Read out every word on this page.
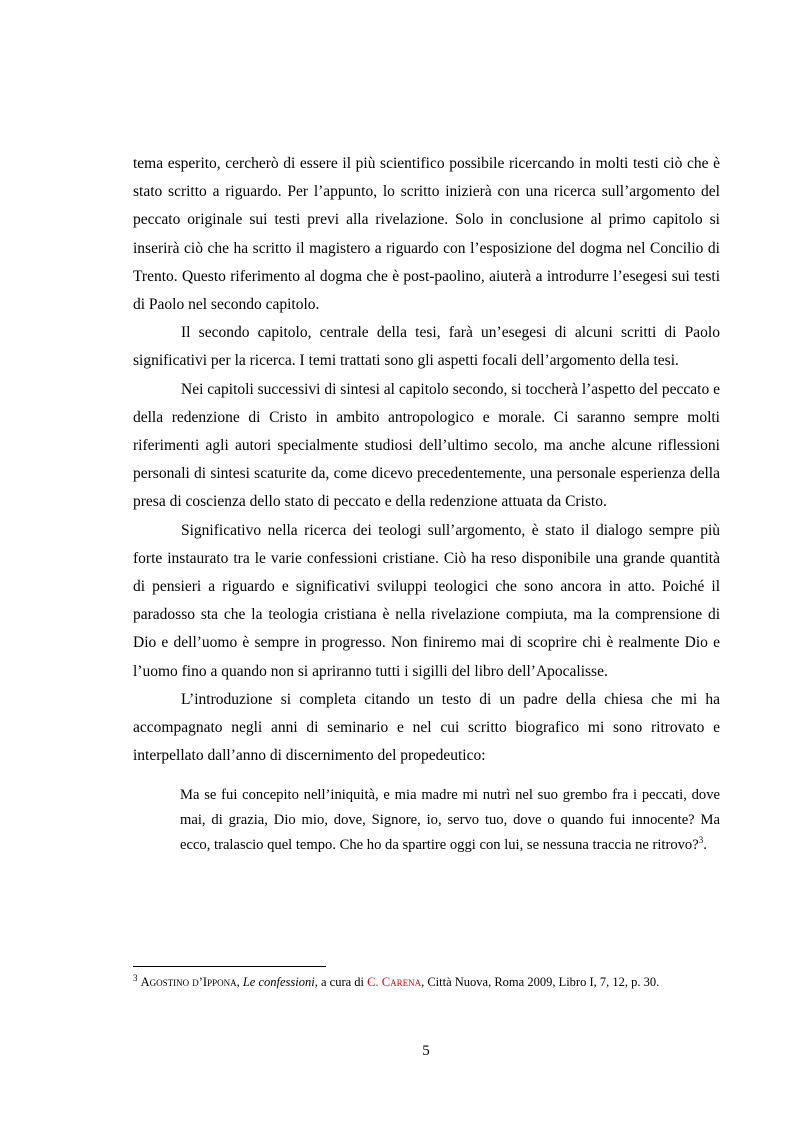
tema esperito, cercherò di essere il più scientifico possibile ricercando in molti testi ciò che è stato scritto a riguardo. Per l’appunto, lo scritto inizierà con una ricerca sull’argomento del peccato originale sui testi previ alla rivelazione. Solo in conclusione al primo capitolo si inserirà ciò che ha scritto il magistero a riguardo con l’esposizione del dogma nel Concilio di Trento. Questo riferimento al dogma che è post-paolino, aiuterà a introdurre l’esegesi sui testi di Paolo nel secondo capitolo.

Il secondo capitolo, centrale della tesi, farà un’esegesi di alcuni scritti di Paolo significativi per la ricerca. I temi trattati sono gli aspetti focali dell’argomento della tesi.

Nei capitoli successivi di sintesi al capitolo secondo, si toccherà l’aspetto del peccato e della redenzione di Cristo in ambito antropologico e morale. Ci saranno sempre molti riferimenti agli autori specialmente studiosi dell’ultimo secolo, ma anche alcune riflessioni personali di sintesi scaturite da, come dicevo precedentemente, una personale esperienza della presa di coscienza dello stato di peccato e della redenzione attuata da Cristo.

Significativo nella ricerca dei teologi sull’argomento, è stato il dialogo sempre più forte instaurato tra le varie confessioni cristiane. Ciò ha reso disponibile una grande quantità di pensieri a riguardo e significativi sviluppi teologici che sono ancora in atto. Poiché il paradosso sta che la teologia cristiana è nella rivelazione compiuta, ma la comprensione di Dio e dell’uomo è sempre in progresso. Non finiremo mai di scoprire chi è realmente Dio e l’uomo fino a quando non si apriranno tutti i sigilli del libro dell’Apocalisse.

L’introduzione si completa citando un testo di un padre della chiesa che mi ha accompagnato negli anni di seminario e nel cui scritto biografico mi sono ritrovato e interpellato dall’anno di discernimento del propedeutico:

Ma se fui concepito nell’iniquità, e mia madre mi nutrì nel suo grembo fra i peccati, dove mai, di grazia, Dio mio, dove, Signore, io, servo tuo, dove o quando fui innocente? Ma ecco, tralascio quel tempo. Che ho da spartire oggi con lui, se nessuna traccia ne ritrovo?$^3$.
$^3$ Agostino d’Ippona, Le confessioni, a cura di C. Carena, Città Nuova, Roma 2009, Libro I, 7, 12, p. 30.
5
